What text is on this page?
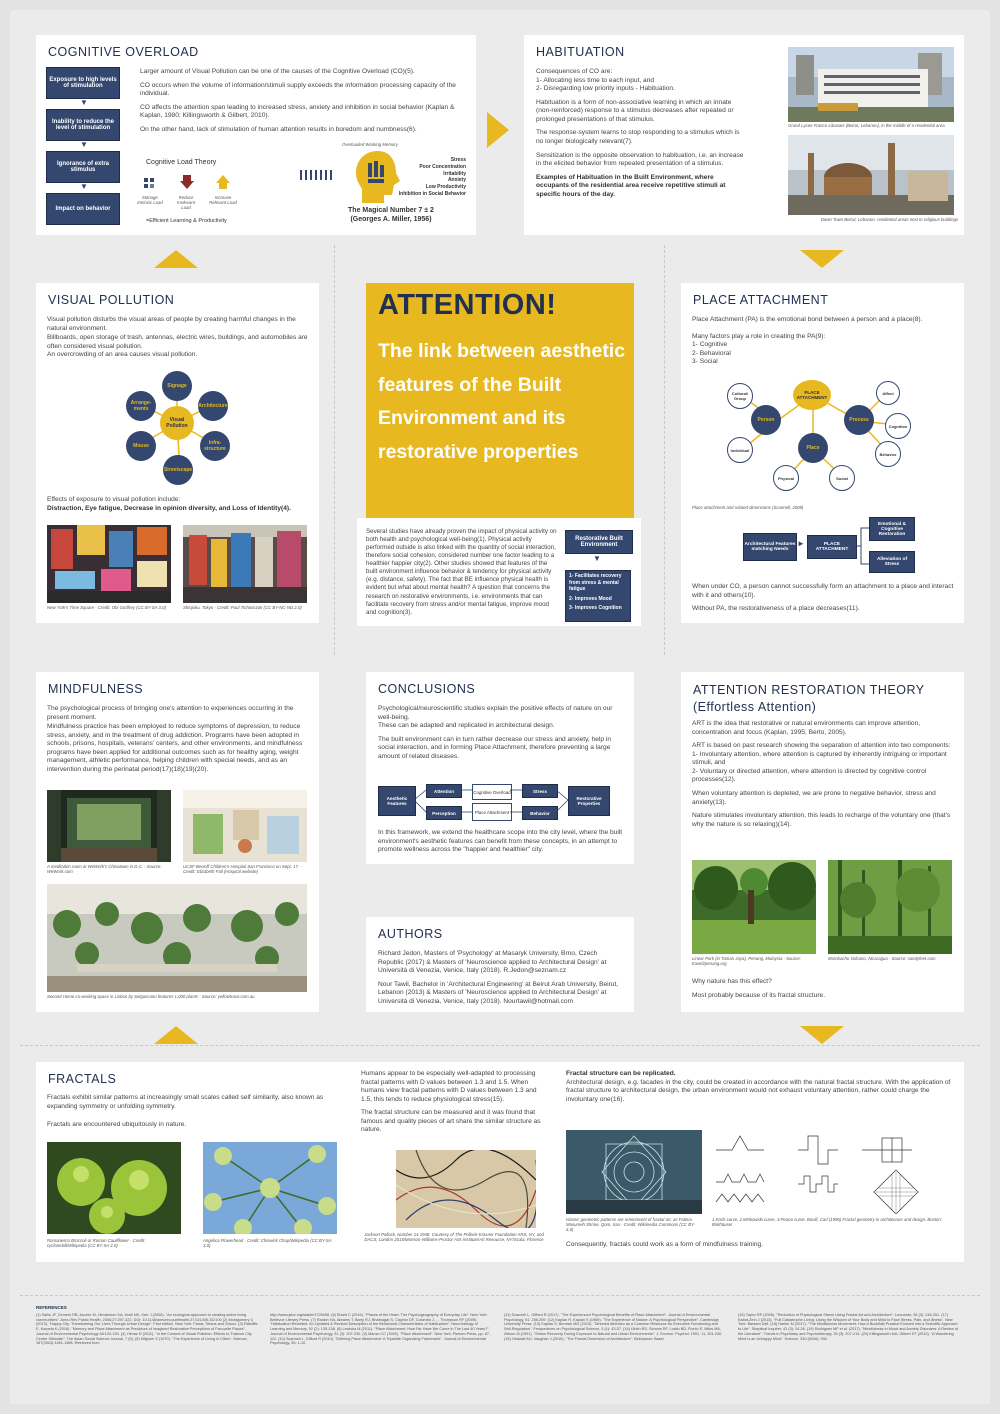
COGNITIVE OVERLOAD
Exposure to high levels of stimulation
▼
Inability to reduce the level of stimulation
▼
Ignorance of extra stimulus
▼
Impact on behavior

Larger amount of Visual Pollution can be one of the causes of the Cognitive Overload (CO)(5).

CO occurs when the volume of information/stimuli supply exceeds the information processing capacity of the individual.

CO affects the attention span leading to increased stress, anxiety and inhibition in social behavior (Kaplan & Kaplan, 1980; Killingsworth & Gilbert, 2010).

On the other hand, lack of stimulation of human attention results in boredom and numbness(6).

Cognitive Load Theory
Manage Intrinsic Load
Reduce Irrelevant Load
Increase Relevant Load
=Efficient Learning & Productivity
Overloaded Working Memory
Stress
Poor Concentration
Irritability
Anxiety
Low Productivity
Inhibition in Social Behavior
The Magical Number 7 ± 2
(Georges A. Miller, 1956)
HABITUATION
Consequences of CO are:
1- Allocating less time to each input, and

2- Disregarding low priority inputs - Habituation.

Habituation is a form of non-associative learning in which an innate (non-reinforced) response to a stimulus decreases after repeated or prolonged presentations of that stimulus.

The response-system learns to stop responding to a stimulus which is no longer biologically relevant(7).

Sensitization is the opposite observation to habituation, i.e. an increase in the elicited behavior from repeated presentation of a stimulus.

Examples of Habituation in the Built Environment, where occupants of the residential area receive repetitive stimuli at specific hours of the day.

Grand Lycee Franco-Libanais (Beirut, Lebanon), in the middle of a residential area
Down Town Beirut, Lebanon, residential areas next to religious buildings
VISUAL POLLUTION

Visual pollution disturbs the visual areas of people by creating harmful changes in the natural environment.

Billboards, open storage of trash, antennas, electric wires, buildings, and automobiles are often considered visual pollution.
An overcrowding of an area causes visual pollution.
Visual Pollution
Signage
Architecture
Infra-structure
Streetscape
Mouse
Arrange-ments
Effects of exposure to visual pollution include:
Distraction, Eye fatigue, Decrease in opinion diversity, and Loss of Identity(4).
New York's Time Square - Credit: Obi Godfrey (CC BY-SA 3.0)	Shinjuku, Tokyo - Credit: Paul Tichonczuk (CC BY-NC-ND 2.0)
ATTENTION!
The link between aesthetic features of the Built Environment and its restorative properties
Several studies have already proven the impact of physical activity on both health and psychological well-being(1). Physical activity performed outside is also linked with the quantity of social interaction, therefore social cohesion, considered number one factor leading to a healthier happier city(2). Other studies showed that features of the built environment influence behavior & tendency for physical activity (e.g. distance, safety). The fact that BE influence physical health is evident but what about mental health? A question that concerns the research on restorative environments, i.e. environments that can facilitate recovery from stress and/or mental fatigue, improve mood and cognition(3).
Restorative Built Environment
▼
1- Facilitates recovery from stress & mental fatigue
2- Improves Mood
3- Improves Cognition
PLACE ATTACHMENT

Place Attachment (PA) is the emotional bond between a person and a place(8).

Many factors play a role in creating the PA(9):
1- Cognitive
2- Behavioral
3- Social
PLACE ATTACHMENT
Person	Process
Place
Cultural/ Group
Individual
Affect
Cognition
Behavior
Physical	Social
Place attachment and related dimensions (Scannell, 2009)
Architectural Features matching Needs
►	PLACE ATTACHMENT
Emotional & Cognitive Restoration
Alleviation of Stress

When under CO, a person cannot successfully form an attachment to a place and interact with it and others(10).

Without PA, the restorativeness of a place decreases(11).

MINDFULNESS

The psychological process of bringing one's attention to experiences occurring in the present moment.

Mindfulness practice has been employed to reduce symptoms of depression, to reduce stress, anxiety, and in the treatment of drug addiction. Programs have been adopted in schools, prisons, hospitals, veterans' centers, and other environments, and mindfulness programs have been applied for additional outcomes such as for healthy aging, weight management, athletic performance, helping children with special needs, and as an intervention during the perinatal period(17)(18)(19)(20).

A meditation room at WeWork's Chinatown in D.C. - Source: WeWork.com
UCSF Benioff Children's Hospital San Francisco on Sept. 17. - Credit: Elizabeth Fall (Hospital website)
Second Home co-working space in Lisbon by Selgascano features 1,000 plants - Source: yellowtrace.com.au
CONCLUSIONS
Psychological/neuroscientific studies explain the positive effects of nature on our well-being.

These can be adapted and replicated in architectural design.

The built environment can in turn rather decrease our stress and anxiety, help in social interaction, and in forming Place Attachment, therefore preventing a large amount of related diseases.

Aesthetic Features
Attention
Perception
Cognitive Overload
Place Attachment
Stress
Behavior
Restorative Properties
In this framework, we extend the healthcare scope into the city level, where the built environment's aesthetic features can benefit from these concepts, in an attempt to promote wellness across the "happier and healthier" city.
AUTHORS

Richard Jedon, Masters of 'Psychology' at Masaryk University, Brno, Czech Republic (2017) & Masters of 'Neuroscience applied to Architectural Design' at Università di Venezia, Venice, Italy (2018). R.Jedon@seznam.cz

Nour Tawil, Bachelor in 'Architectural Engineering' at Beirut Arab University, Beirut, Lebanon (2013) & Masters of 'Neuroscience applied to Architectural Design' at Università di Venezia, Venice, Italy (2018). Nourtawil@hotmail.com

ATTENTION RESTORATION THEORY
(Effortless Attention)

ART is the idea that restorative or natural environments can improve attention, concentration and focus (Kaplan, 1995; Berto, 2005).

ART is based on past research showing the separation of attention into two components:
1- Involuntary attention, where attention is captured by inherently intriguing or important stimuli, and

2- Voluntary or directed attention, where attention is directed by cognitive control processes(12).

When voluntary attention is depleted, we are prone to negative behavior, stress and anxiety(13).

Nature stimulates involuntary attention, this leads to recharge of the voluntary one (that's why the nature is so relaxing)(14).

Linear Park (in Taman Jaya), Penang, Malaysia - Source: travel2penang.org
Mombacho Volcano, Nicaragua - Source: sandyfeet.com

Why nature has this effect?

Most probably because of its fractal structure.

FRACTALS

Fractals exhibit similar patterns at increasingly small scales called self similarity, also known as expanding symmetry or unfolding symmetry.

Fractals are encountered ubiquitously in nature.

Romanesco Broccoli or Roman Cauliflower - Credit: cyclonebill/Wikipedia (CC BY-SA 2.0)
Angelica Flowerhead - Credit: Chiswick Chap/Wikipedia (CC BY-SA 3.0)

Humans appear to be especially well-adapted to processing fractal patterns with D values between 1.3 and 1.5. When humans view fractal patterns with D values between 1.3 and 1.5, this tends to reduce physiological stress(15).

The fractal structure can be measured and it was found that famous and quality pieces of art share the similar structure as nature.

Jackson Pollock, Number 14 1948. Courtesy of The Pollock-Krasner Foundation ARS, NY, and DACS, London 2015/Munson-Williams-Proctor Arts Institute/Art Resource, NY/Scala, Florence
Fractal structure can be replicated.

Architectural design, e.g. facades in the city, could be created in accordance with the natural fractal structure. With the application of fractal structure to architectural design, the urban environment would not exhaust voluntary attention, rather could charge the involuntary one(16).

Islamic geometric patterns are reminiscent of fractal art, as Fatima Masumeh Shrine, Qom, Iran - Credit: Wikimedia Commons (CC BY-4.0)
1.Koch curve, 2.Minkowski curve, 3.Peano curve. Bovill, Carl (1996) Fractal geometry in architecture and design. Boston: Birkhäuser
Consequently, fractals could work as a form of mindfulness training.
REFERENCES
(1) Sallis JF, Cervero RB, Ascher W, Henderson KA, Kraft MK, Kerr J (2006). "An ecological approach to creating active living communities". Annu Rev Public Health, 2006;27:297-322. DOI: 10.1146/annurev.publhealth.27.021405.102100 (2) Montgomery C (2013). "Happy City: Transforming Our Lives Through Urban Design". First edition. New York: Farrar, Straus and Giroux. (3) Ratcliffe E, Korpela K (2016). "Memory and Place Attachment as Predictors of Imagined Restorative Perceptions of Favourite Places". Journal of Environmental Psychology 48:120-130. (4) Yilmaz D (2011). "In the Context of Visual Pollution: Effects to Trabzon City Center Silhoutte". The Asian Social Science Journal, 7 (5). (5) Milgram S (1970). "The Experience of Living in Cities". Science, 167(3924):1461-1468. Retrieved from
http://www.jstor.org/stable/1728498. (6) Ehard C (2015). "Places of the Heart: The Psychogeography of Everyday Life". New York: Bellevue Literary Press. (7) Rankin HA, Abrams T, Barry RJ, Bhatnagar S, Clayton DF, Colombo J, ... Thompson RF (2009). "Habituation Revisited: An Updated & Revised Description of the Behavioral Characteristics of Habituation". Neurobiology of Learning and Memory, 92 (2): 135-138. (8) Lewicka M (2011). "Place Attachment: How Far Have We Come in The Last 40 Years?". Journal of Environmental Psychology, 31 (3): 207-230. (9) Manzo CC (1992). "Place Attachment". New York: Plenum Press. pp. 87-112. (10) Scannell L, Gifford R (2010). "Defining Place Attachment: A Tripartite Organizing Framework". Journal of Environmental Psychology, 30: 1-10.
(11) Scannell L, Gifford R (2017). "The Experienced Psychological Benefits of Place Attachment". Journal of Environmental Psychology, 51: 256-269. (12) Kaplan R, Kaplan S (1989). "The Experience of Nature: A Psychological Perspective". Cambridge University Press. (13) Kaplan S, Berman MG (2010). "Directed Attention as a Common Resource for Executive Functioning and Self-Regulation". Perspectives on Psychological Science, 5 (1): 43-57. (14) Ulrich RS, Simons RF, Losito BD, Fiorito E, Miles MA, Zelson M (1991). "Stress Recovery During Exposure to Natural and Urban Environments". J. Environ. Psychol. 1991, 11, 201-230. (15) Ostwald MJ, Vaughan J (2016). "The Fractal Dimension of Architecture". Birkhauser, Basel.
(16) Taylor RP (2006). "Reduction of Physiological Stress Using Fractal Art and Architecture". Leonardo, 39 (3): 245-251. (17) Kabat-Zinn J (2013). "Full Catastrophe Living: Using the Wisdom of Your Body and Mind to Face Stress, Pain, and Illness". New York: Bantam Dell. (18) Harker M (2017). "The Mindfulness Movement: How a Buddhist Practice Evolved into a Scientific Approach to Life". Skeptical Inquirer, 41 (3): 24-26. (19) Rodrigues MF et al. (2017). "Mindfulness in Mood and Anxiety Disorders: A Review of the Literature". Trends in Psychiatry and Psychotherapy, 39 (3): 207-215. (20) Killingsworth MA, Gilbert DT (2010). "A Wandering Mind Is an Unhappy Mind". Science, 330 (6006): 932.
